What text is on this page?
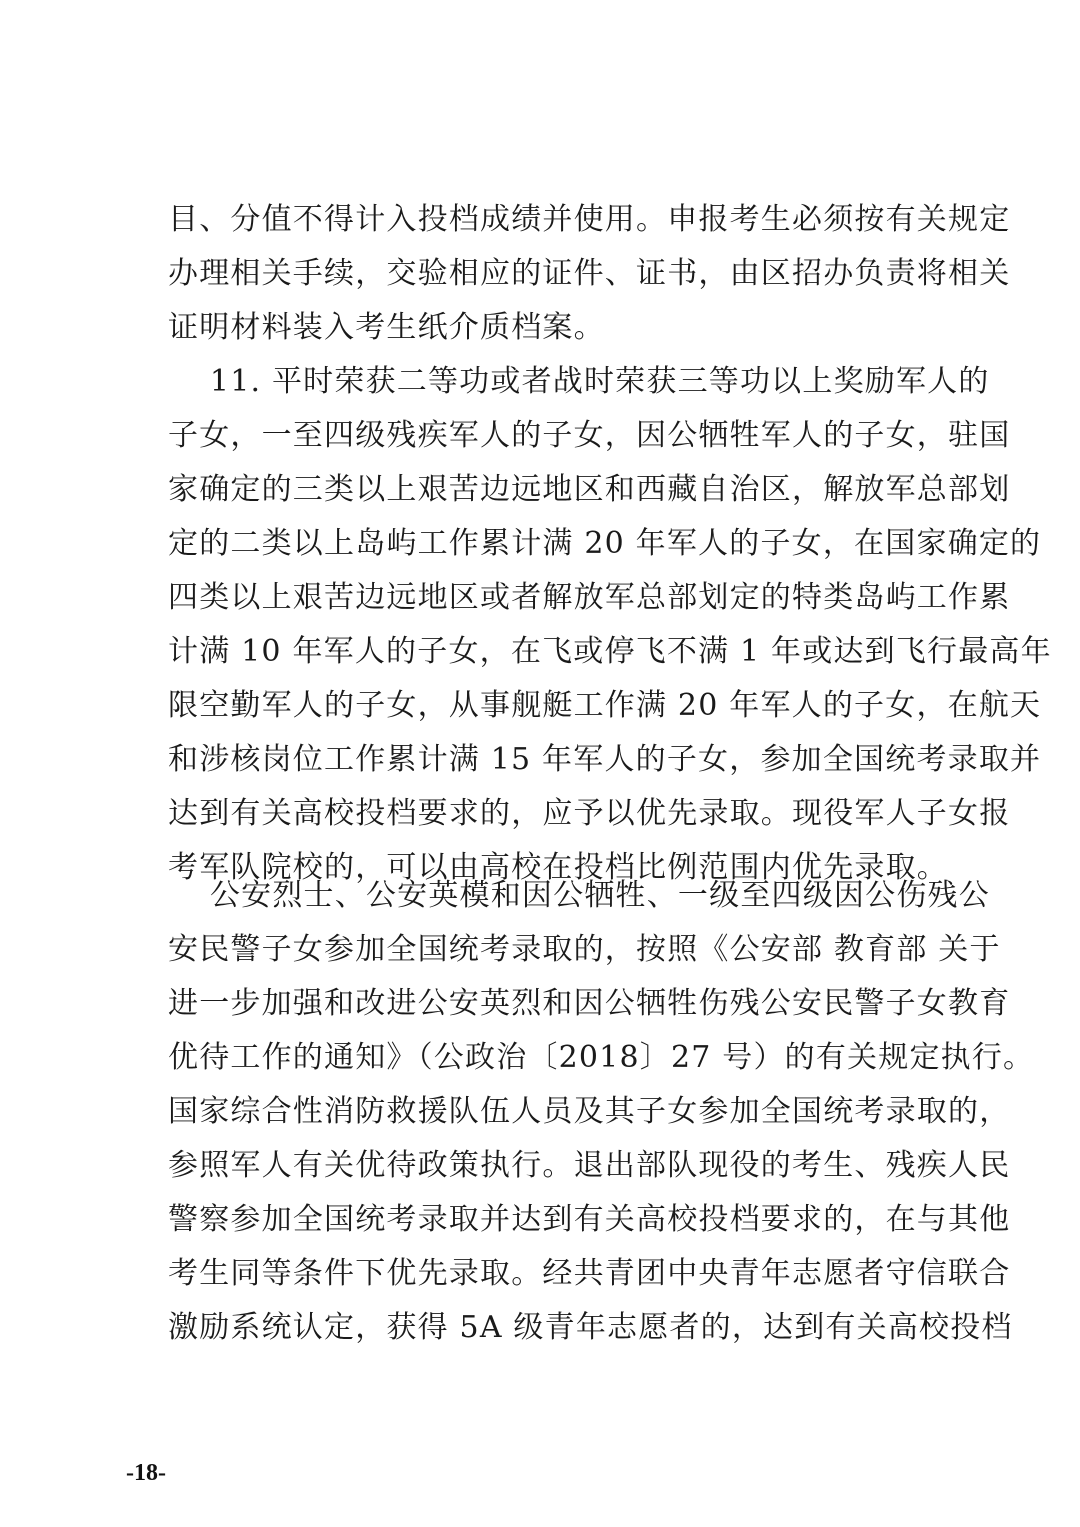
目、分值不得计入投档成绩并使用。申报考生必须按有关规定
办理相关手续，交验相应的证件、证书，由区招办负责将相关
证明材料装入考生纸介质档案。
　 11. 平时荣获二等功或者战时荣获三等功以上奖励军人的
子女，一至四级残疾军人的子女，因公牺牲军人的子女，驻国
家确定的三类以上艰苦边远地区和西藏自治区，解放军总部划
定的二类以上岛屿工作累计满 20 年军人的子女，在国家确定的
四类以上艰苦边远地区或者解放军总部划定的特类岛屿工作累
计满 10 年军人的子女，在飞或停飞不满 1 年或达到飞行最高年
限空勤军人的子女，从事舰艇工作满 20 年军人的子女，在航天
和涉核岗位工作累计满 15 年军人的子女，参加全国统考录取并
达到有关高校投档要求的，应予以优先录取。现役军人子女报
考军队院校的，可以由高校在投档比例范围内优先录取。
　 公安烈士、公安英模和因公牺牲、一级至四级因公伤残公
安民警子女参加全国统考录取的，按照《公安部 教育部 关于
进一步加强和改进公安英烈和因公牺牲伤残公安民警子女教育
优待工作的通知》（公政治〔2018〕27 号）的有关规定执行。
国家综合性消防救援队伍人员及其子女参加全国统考录取的，
参照军人有关优待政策执行。退出部队现役的考生、残疾人民
警察参加全国统考录取并达到有关高校投档要求的，在与其他
考生同等条件下优先录取。经共青团中央青年志愿者守信联合
激励系统认定，获得 5A 级青年志愿者的，达到有关高校投档
-18-
